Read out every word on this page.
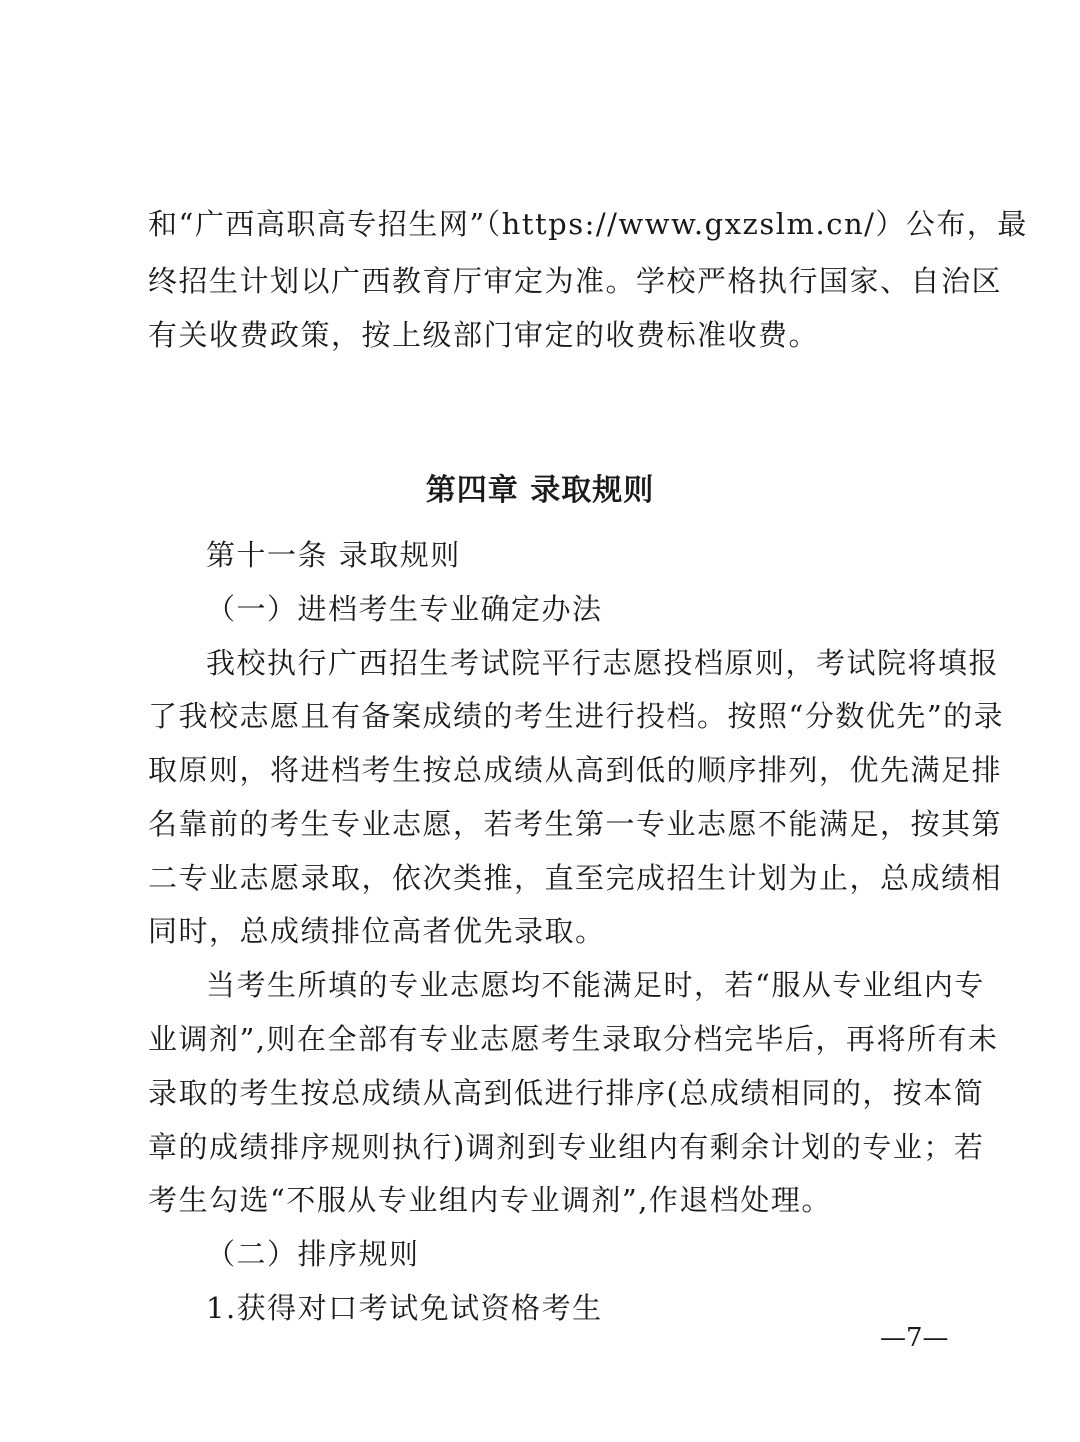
和“广西高职高专招生网”（https://www.gxzslm.cn/）公布，最
终招生计划以广西教育厅审定为准。学校严格执行国家、自治区
有关收费政策，按上级部门审定的收费标准收费。
第四章 录取规则
第十一条 录取规则
（一）进档考生专业确定办法
我校执行广西招生考试院平行志愿投档原则，考试院将填报
了我校志愿且有备案成绩的考生进行投档。按照“分数优先”的录
取原则，将进档考生按总成绩从高到低的顺序排列，优先满足排
名靠前的考生专业志愿，若考生第一专业志愿不能满足，按其第
二专业志愿录取，依次类推，直至完成招生计划为止，总成绩相
同时，总成绩排位高者优先录取。
当考生所填的专业志愿均不能满足时，若“服从专业组内专
业调剂”,则在全部有专业志愿考生录取分档完毕后，再将所有未
录取的考生按总成绩从高到低进行排序(总成绩相同的，按本简
章的成绩排序规则执行)调剂到专业组内有剩余计划的专业；若
考生勾选“不服从专业组内专业调剂”,作退档处理。
（二）排序规则
1.获得对口考试免试资格考生
—7—
